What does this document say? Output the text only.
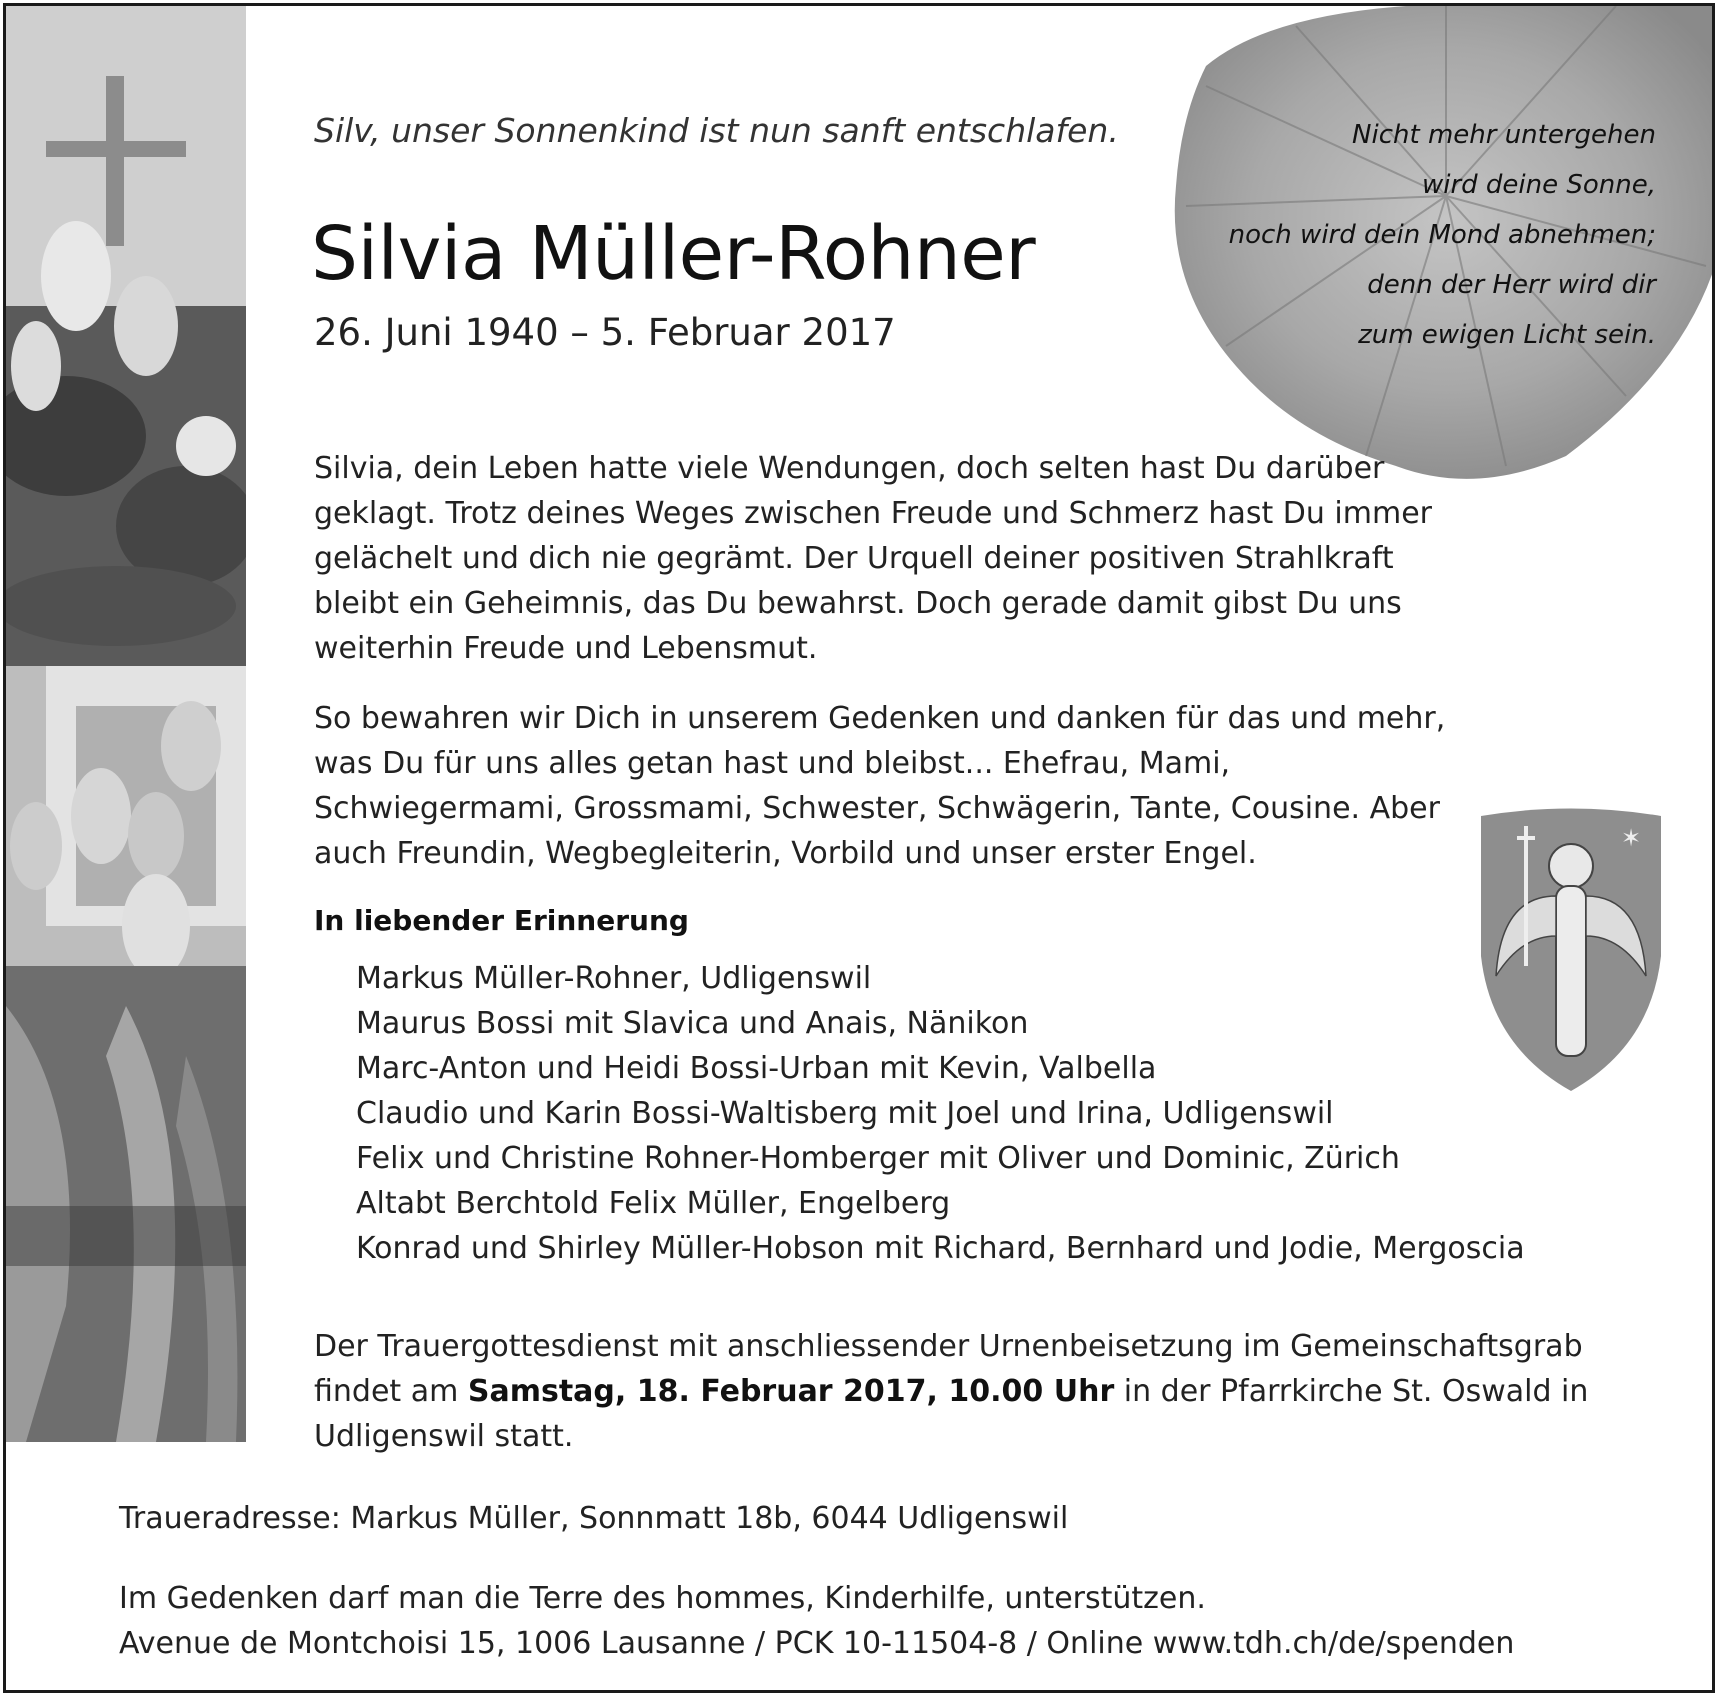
✶
Silv, unser Sonnenkind ist nun sanft entschlafen.
Silvia Müller-Rohner
26. Juni 1940 – 5. Februar 2017
Nicht mehr untergehen
wird deine Sonne,
noch wird dein Mond abnehmen;
denn der Herr wird dir
zum ewigen Licht sein.

Silvia, dein Leben hatte viele Wendungen, doch selten hast Du darüber geklagt. Trotz deines Weges zwischen Freude und Schmerz hast Du immer gelächelt und dich nie gegrämt. Der Urquell deiner positiven Strahlkraft bleibt ein Geheimnis, das Du bewahrst. Doch gerade damit gibst Du uns weiterhin Freude und Lebensmut.

So bewahren wir Dich in unserem Gedenken und danken für das und mehr, was Du für uns alles getan hast und bleibst... Ehefrau, Mami, Schwiegermami, Grossmami, Schwester, Schwägerin, Tante, Cousine. Aber auch Freundin, Wegbegleiterin, Vorbild und unser erster Engel.

In liebender Erinnerung
Markus Müller-Rohner, Udligenswil
Maurus Bossi mit Slavica und Anais, Nänikon
Marc-Anton und Heidi Bossi-Urban mit Kevin, Valbella
Claudio und Karin Bossi-Waltisberg mit Joel und Irina, Udligenswil
Felix und Christine Rohner-Homberger mit Oliver und Dominic, Zürich
Altabt Berchtold Felix Müller, Engelberg
Konrad und Shirley Müller-Hobson mit Richard, Bernhard und Jodie, Mergoscia
Der Trauergottesdienst mit anschliessender Urnenbeisetzung im Gemeinschaftsgrab findet am Samstag, 18. Februar 2017, 10.00 Uhr in der Pfarrkirche St. Oswald in Udligenswil statt.
Traueradresse: Markus Müller, Sonnmatt 18b, 6044 Udligenswil
Im Gedenken darf man die Terre des hommes, Kinderhilfe, unterstützen.
Avenue de Montchoisi 15, 1006 Lausanne / PCK 10-11504-8 / Online www.tdh.ch/de/spenden
